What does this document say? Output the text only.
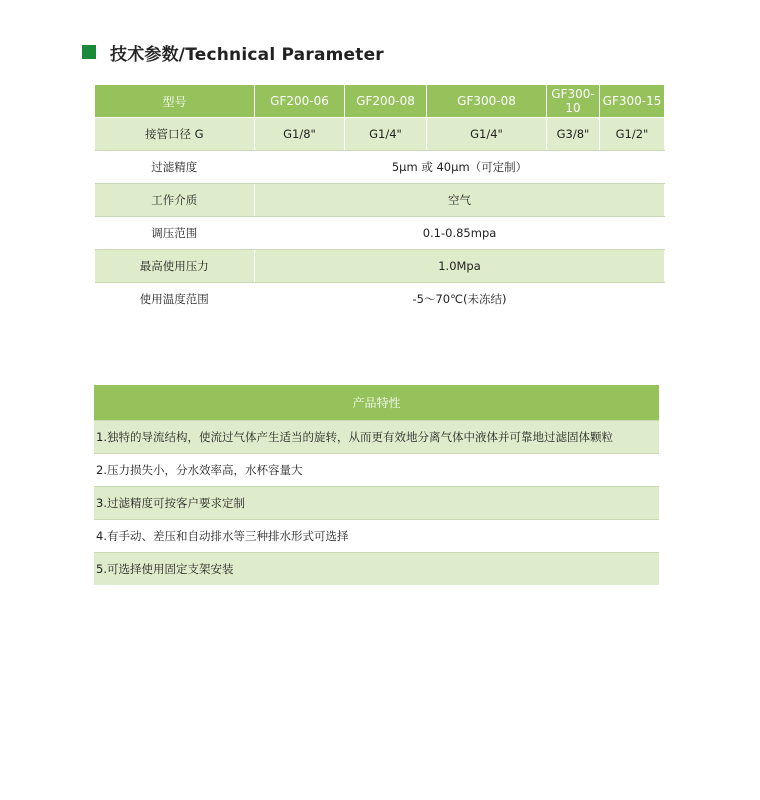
技术参数/Technical Parameter
型号	GF200-06	GF200-08	GF300-08	GF300-10	GF300-15
接管口径 G	G1/8"	G1/4"	G1/4"	G3/8"	G1/2"
过滤精度	5μm 或 40μm（可定制）				
工作介质	空气				
调压范围	0.1-0.85mpa				
最高使用压力	1.0Mpa				
使用温度范围	-5～70℃(未冻结)				
产品特性
1.独特的导流结构，使流过气体产生适当的旋转，从而更有效地分离气体中液体并可靠地过滤固体颗粒
2.压力损失小，分水效率高，水杯容量大
3.过滤精度可按客户要求定制
4.有手动、差压和自动排水等三种排水形式可选择
5.可选择使用固定支架安装
